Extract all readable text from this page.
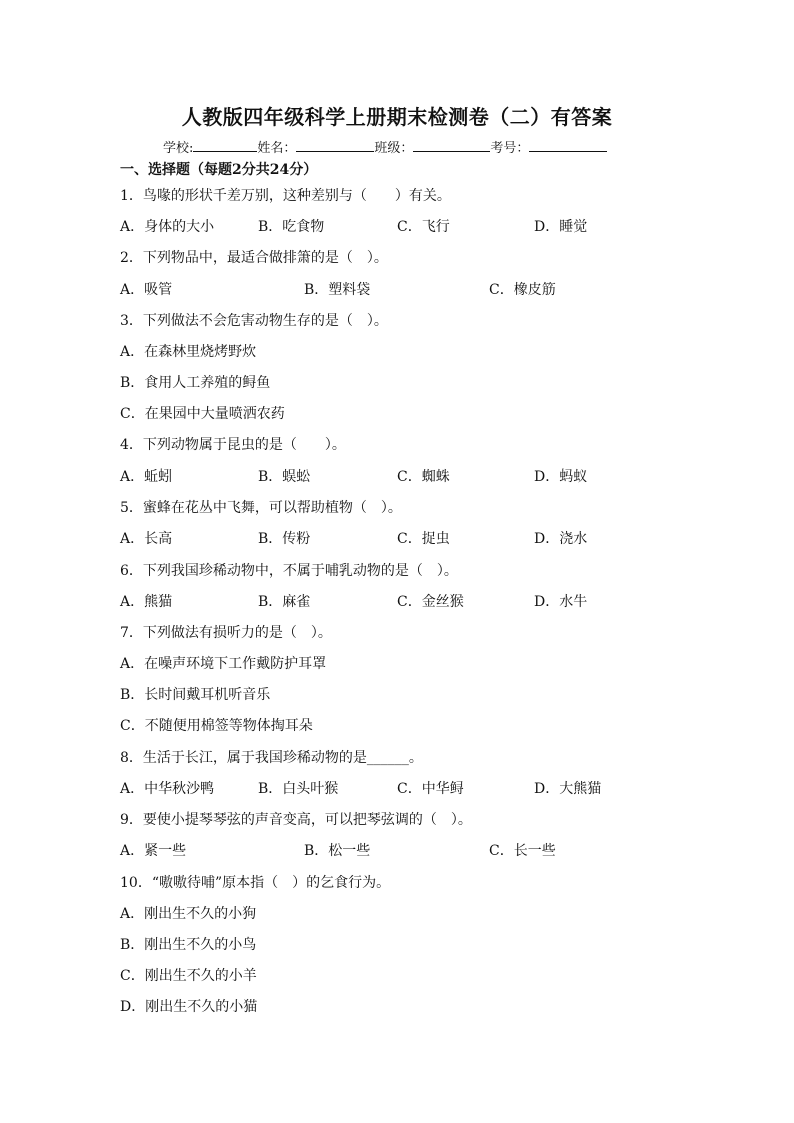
人教版四年级科学上册期末检测卷（二）有答案
学校:	姓名：	班级：	考号：
一、选择题（每题2分共24分）
1．鸟喙的形状千差万别，这种差别与（　　）有关。
A．身体的大小	B．吃食物	C．飞行	D．睡觉
2．下列物品中，最适合做排箫的是（　）。
A．吸管	B．塑料袋	C．橡皮筋
3．下列做法不会危害动物生存的是（　）。
A．在森林里烧烤野炊
B．食用人工养殖的鲟鱼
C．在果园中大量喷洒农药
4．下列动物属于昆虫的是（　　）。
A．蚯蚓	B．蜈蚣	C．蜘蛛	D．蚂蚁
5．蜜蜂在花丛中飞舞，可以帮助植物（　）。
A．长高	B．传粉	C．捉虫	D．浇水
6．下列我国珍稀动物中，不属于哺乳动物的是（　）。
A．熊猫	B．麻雀	C．金丝猴	D．水牛
7．下列做法有损听力的是（　）。
A．在噪声环境下工作戴防护耳罩
B．长时间戴耳机听音乐
C．不随便用棉签等物体掏耳朵
8．生活于长江，属于我国珍稀动物的是______。
A．中华秋沙鸭	B．白头叶猴	C．中华鲟	D．大熊猫
9．要使小提琴琴弦的声音变高，可以把琴弦调的（　）。
A．紧一些	B．松一些	C．长一些
10．“嗷嗷待哺”原本指（　）的乞食行为。
A．刚出生不久的小狗
B．刚出生不久的小鸟
C．刚出生不久的小羊
D．刚出生不久的小猫
